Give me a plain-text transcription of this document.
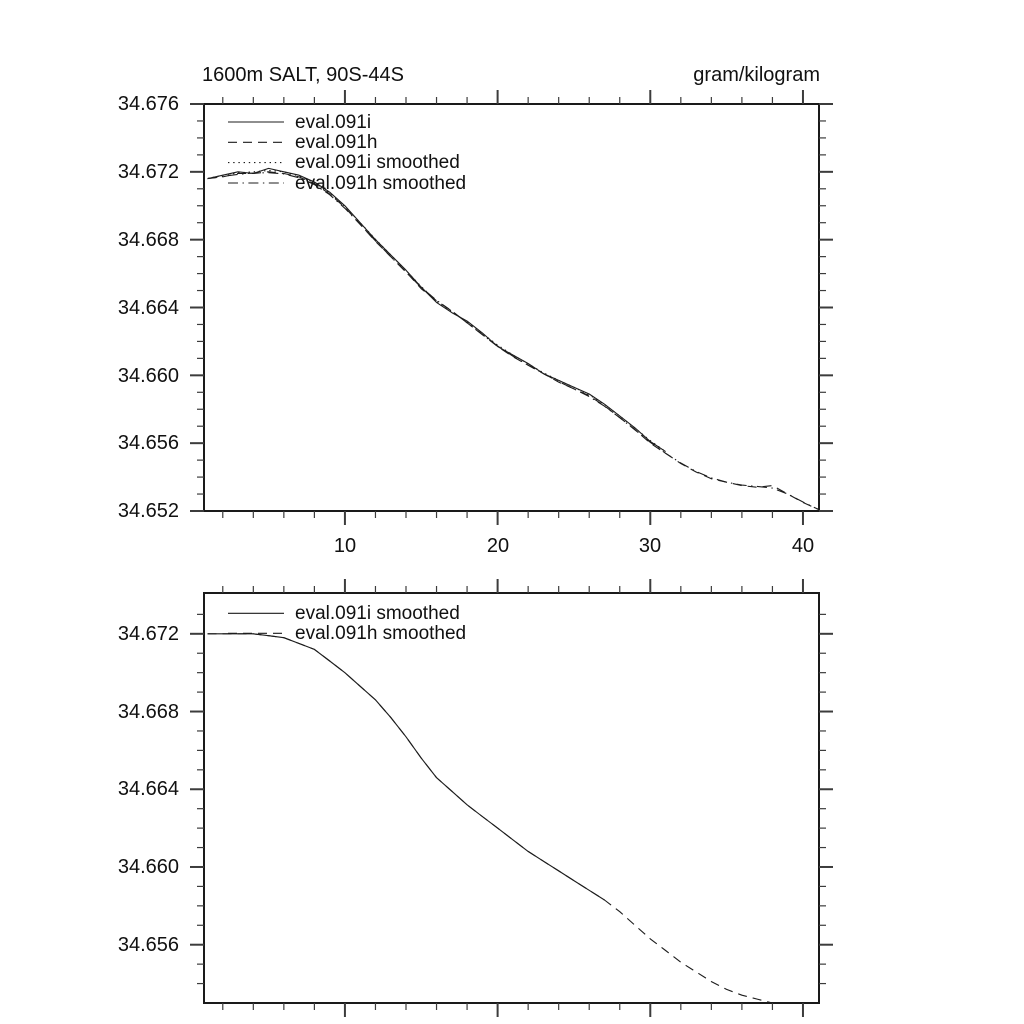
1600m SALT, 90S-44S	gram/kilogram
34.676
34.672
34.668
34.664
34.660
34.656
34.652
10	20	30	40
eval.091i
eval.091h
eval.091i smoothed
eval.091h smoothed
34.672
34.668
34.664
34.660
34.656
eval.091i smoothed
eval.091h smoothed
